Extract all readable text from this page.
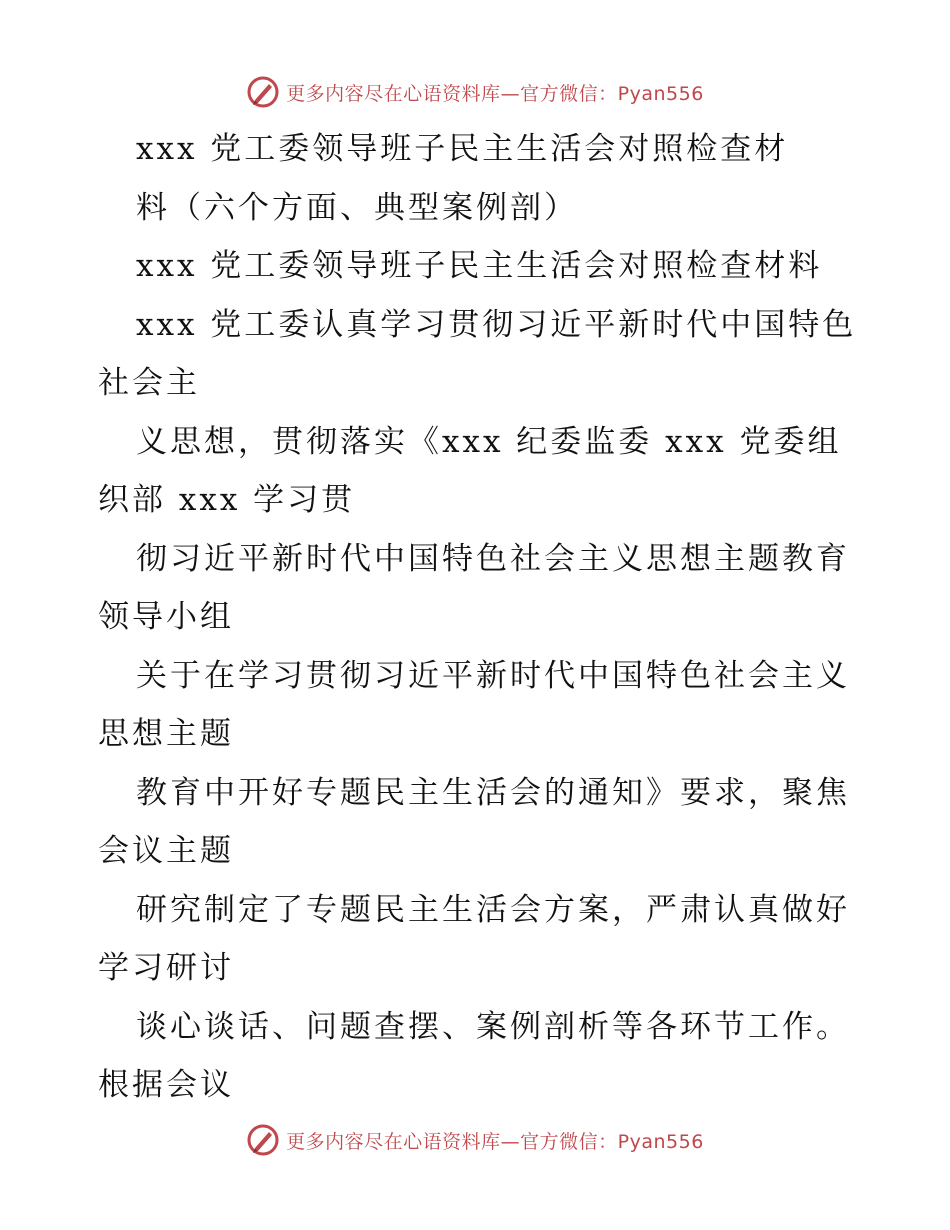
更多内容尽在心语资料库—官方微信：Pyan556

xxx 党工委领导班子民主生活会对照检查材

料（六个方面、典型案例剖）

xxx 党工委领导班子民主生活会对照检查材料

xxx 党工委认真学习贯彻习近平新时代中国特色社会主

义思想，贯彻落实《xxx 纪委监委 xxx 党委组织部 xxx 学习贯

彻习近平新时代中国特色社会主义思想主题教育领导小组

关于在学习贯彻习近平新时代中国特色社会主义思想主题

教育中开好专题民主生活会的通知》要求，聚焦会议主题

研究制定了专题民主生活会方案，严肃认真做好学习研讨

谈心谈话、问题查摆、案例剖析等各环节工作。根据会议

更多内容尽在心语资料库—官方微信：Pyan556
